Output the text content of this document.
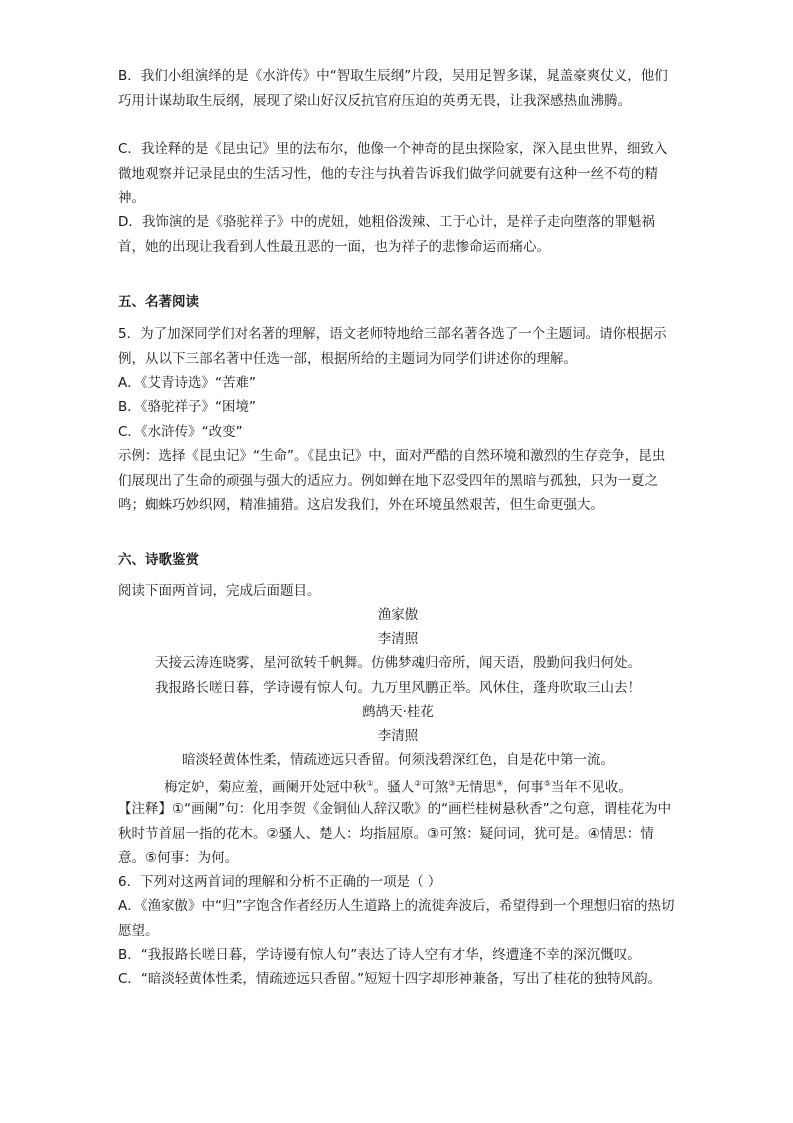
B．我们小组演绎的是《水浒传》中“智取生辰纲”片段，吴用足智多谋，晁盖豪爽仗义，他们巧用计谋劫取生辰纲，展现了梁山好汉反抗官府压迫的英勇无畏，让我深感热血沸腾。
C．我诠释的是《昆虫记》里的法布尔，他像一个神奇的昆虫探险家，深入昆虫世界，细致入微地观察并记录昆虫的生活习性，他的专注与执着告诉我们做学问就要有这种一丝不苟的精神。
D．我饰演的是《骆驼祥子》中的虎妞，她粗俗泼辣、工于心计，是祥子走向堕落的罪魁祸首，她的出现让我看到人性最丑恶的一面，也为祥子的悲惨命运而痛心。
五、名著阅读
5．为了加深同学们对名著的理解，语文老师特地给三部名著各选了一个主题词。请你根据示例，从以下三部名著中任选一部，根据所给的主题词为同学们讲述你的理解。
A．《艾青诗选》“苦难”
B．《骆驼祥子》“困境”
C．《水浒传》“改变”
示例：选择《昆虫记》“生命”。《昆虫记》中，面对严酷的自然环境和激烈的生存竞争，昆虫们展现出了生命的顽强与强大的适应力。例如蝉在地下忍受四年的黑暗与孤独，只为一夏之鸣；蜘蛛巧妙织网，精准捕猎。这启发我们，外在环境虽然艰苦，但生命更强大。
六、诗歌鉴赏
阅读下面两首词，完成后面题目。
渔家傲
李清照
天接云涛连晓雾，星河欲转千帆舞。仿佛梦魂归帝所，闻天语，殷勤问我归何处。
我报路长嗟日暮，学诗谩有惊人句。九万里风鹏正举。风休住，蓬舟吹取三山去！
鹧鸪天·桂花
李清照
暗淡轻黄体性柔，情疏迹远只香留。何须浅碧深红色，自是花中第一流。
梅定妒，菊应羞，画阑开处冠中秋①。骚人②可煞③无情思④，何事⑤当年不见收。
【注释】①“画阑”句：化用李贺《金铜仙人辞汉歌》的“画栏桂树悬秋香”之句意，谓桂花为中秋时节首屈一指的花木。②骚人、楚人：均指屈原。③可煞：疑问词，犹可是。④情思：情意。⑤何事：为何。
6．下列对这两首词的理解和分析不正确的一项是（ ）
A．《渔家傲》中“归”字饱含作者经历人生道路上的流徙奔波后，希望得到一个理想归宿的热切愿望。
B．“我报路长嗟日暮，学诗谩有惊人句”表达了诗人空有才华，终遭逢不幸的深沉慨叹。
C．“暗淡轻黄体性柔，情疏迹远只香留。”短短十四字却形神兼备，写出了桂花的独特风韵。
